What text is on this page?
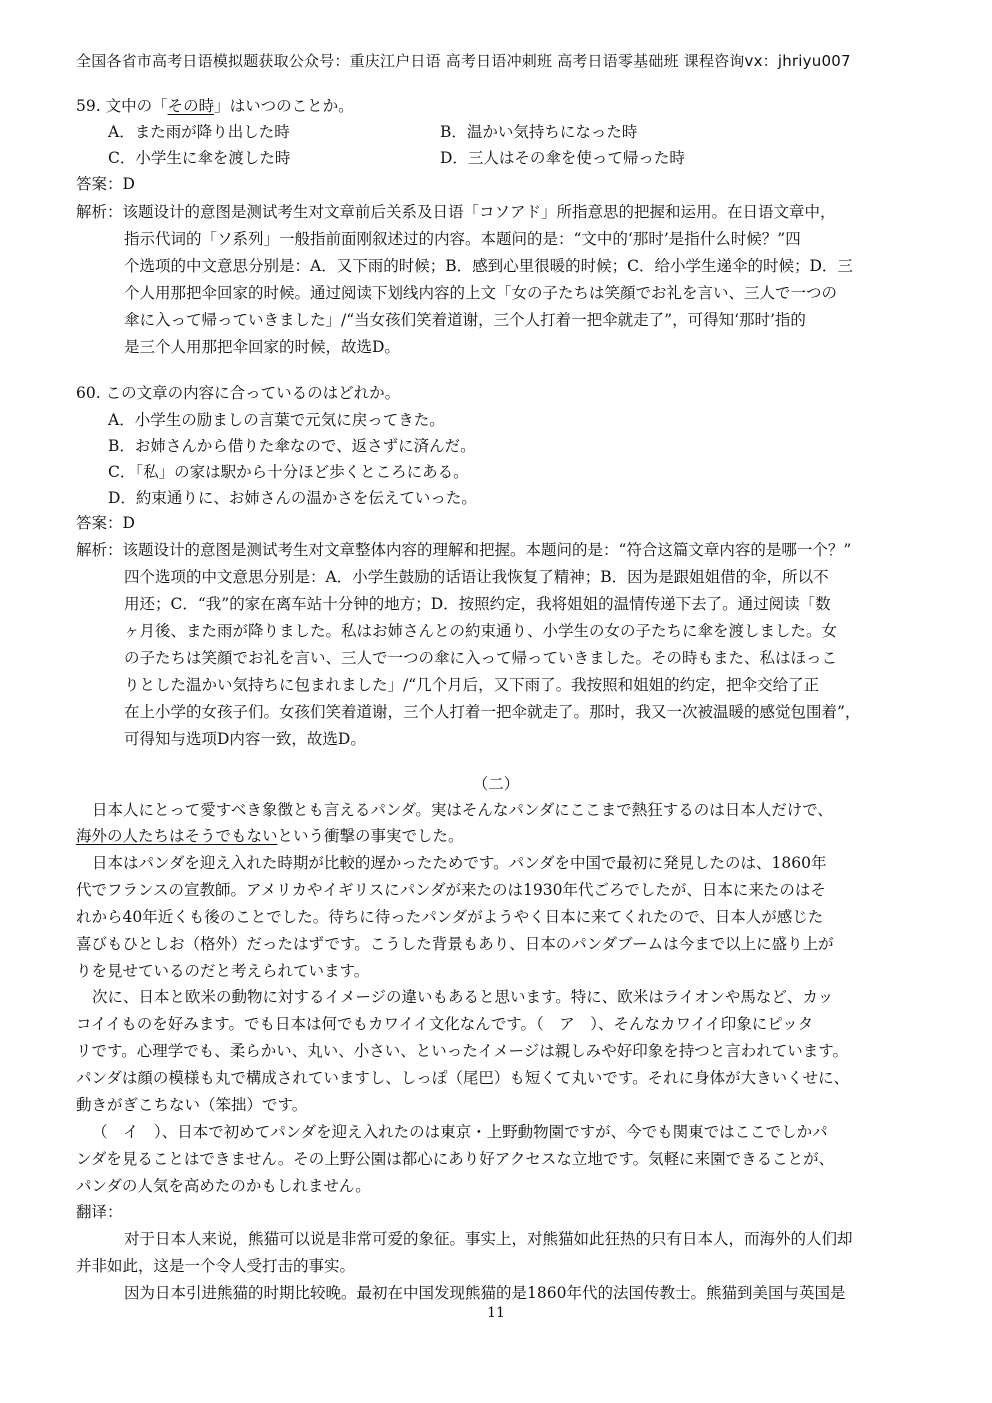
全国各省市高考日语模拟题获取公众号：重庆江户日语 高考日语冲刺班 高考日语零基础班 课程咨询vx：jhriyu007
59. 文中の「その時」はいつのことか。
A．また雨が降り出した時	B．温かい気持ちになった時
C．小学生に傘を渡した時	D．三人はその傘を使って帰った時
答案：D
解析：该题设计的意图是测试考生对文章前后关系及日语「コソアド」所指意思的把握和运用。在日语文章中，
指示代词的「ソ系列」一般指前面刚叙述过的内容。本题问的是：“文中的‘那时’是指什么时候？”四
个选项的中文意思分别是：A．又下雨的时候；B．感到心里很暖的时候；C．给小学生递伞的时候；D．三
个人用那把伞回家的时候。通过阅读下划线内容的上文「女の子たちは笑顔でお礼を言い、三人で一つの
傘に入って帰っていきました」/“当女孩们笑着道谢，三个人打着一把伞就走了”，可得知‘那时’指的
是三个人用那把伞回家的时候，故选D。
60. この文章の内容に合っているのはどれか。
A．小学生の励ましの言葉で元気に戻ってきた。
B．お姉さんから借りた傘なので、返さずに済んだ。
C．「私」の家は駅から十分ほど歩くところにある。
D．約束通りに、お姉さんの温かさを伝えていった。
答案：D
解析：该题设计的意图是测试考生对文章整体内容的理解和把握。本题问的是：“符合这篇文章内容的是哪一个？”
四个选项的中文意思分别是：A．小学生鼓励的话语让我恢复了精神；B．因为是跟姐姐借的伞，所以不
用还；C．“我”的家在离车站十分钟的地方；D．按照约定，我将姐姐的温情传递下去了。通过阅读「数
ヶ月後、また雨が降りました。私はお姉さんとの約束通り、小学生の女の子たちに傘を渡しました。女
の子たちは笑顔でお礼を言い、三人で一つの傘に入って帰っていきました。その時もまた、私はほっこ
りとした温かい気持ちに包まれました」/“几个月后，又下雨了。我按照和姐姐的约定，把伞交给了正
在上小学的女孩子们。女孩们笑着道谢，三个人打着一把伞就走了。那时，我又一次被温暖的感觉包围着”，
可得知与选项D内容一致，故选D。
（二）
日本人にとって愛すべき象徴とも言えるパンダ。実はそんなパンダにここまで熱狂するのは日本人だけで、
海外の人たちはそうでもないという衝撃の事実でした。
日本はパンダを迎え入れた時期が比較的遅かったためです。パンダを中国で最初に発見したのは、1860年
代でフランスの宣教師。アメリカやイギリスにパンダが来たのは1930年代ごろでしたが、日本に来たのはそ
れから40年近くも後のことでした。待ちに待ったパンダがようやく日本に来てくれたので、日本人が感じた
喜びもひとしお（格外）だったはずです。こうした背景もあり、日本のパンダブームは今まで以上に盛り上が
りを見せているのだと考えられています。
次に、日本と欧米の動物に対するイメージの違いもあると思います。特に、欧米はライオンや馬など、カッ
コイイものを好みます。でも日本は何でもカワイイ文化なんです。（　ア　）、そんなカワイイ印象にピッタ
リです。心理学でも、柔らかい、丸い、小さい、といったイメージは親しみや好印象を持つと言われています。
パンダは顔の模様も丸で構成されていますし、しっぽ（尾巴）も短くて丸いです。それに身体が大きいくせに、
動きがぎこちない（笨拙）です。
（　イ　）、日本で初めてパンダを迎え入れたのは東京・上野動物園ですが、今でも関東ではここでしかパ
ンダを見ることはできません。その上野公園は都心にあり好アクセスな立地です。気軽に来園できることが、
パンダの人気を高めたのかもしれません。
翻译：
对于日本人来说，熊猫可以说是非常可爱的象征。事实上，对熊猫如此狂热的只有日本人，而海外的人们却
并非如此，这是一个令人受打击的事实。
因为日本引进熊猫的时期比较晚。最初在中国发现熊猫的是1860年代的法国传教士。熊猫到美国与英国是
11
